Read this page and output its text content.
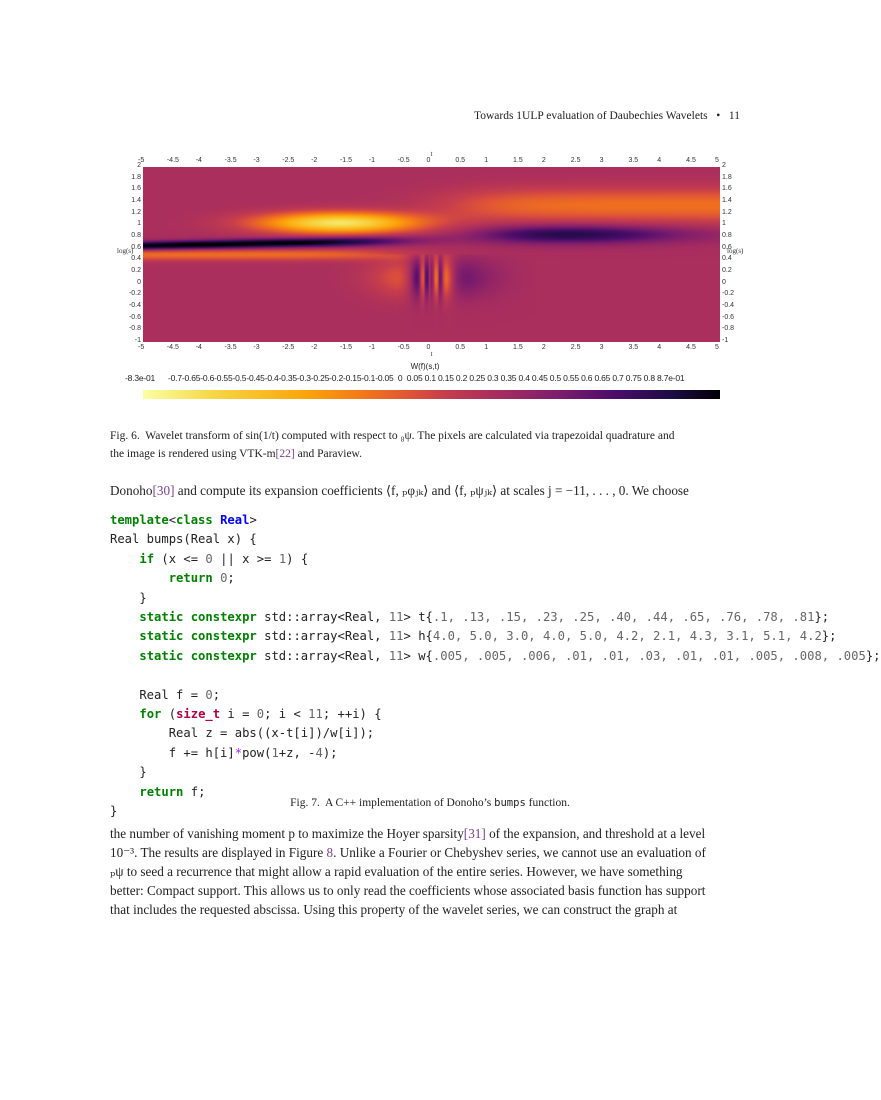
Towards 1ULP evaluation of Daubechies Wavelets • 11
-5
-5
-4.5
-4.5
-4
-4
-3.5
-3.5
-3
-3
-2.5
-2.5
-2
-2
-1.5
-1.5
-1
-1
-0.5
-0.5
0
0
0.5
0.5
1
1
1.5
1.5
2
2
2.5
2.5
3
3
3.5
3.5
4
4
4.5
4.5
5
5
2	2
1.8	1.8
1.6	1.6
1.4	1.4
1.2	1.2
1	1
0.8	0.8
0.6	0.6
0.4	0.4
0.2	0.2
0	0
-0.2	-0.2
-0.4	-0.4
-0.6	-0.6
-0.8	-0.8
-1	-1
t
t
log(s)	log(s)
W(f)(s,t)
-8.3e-01      -0.7-0.65-0.6-0.55-0.5-0.45-0.4-0.35-0.3-0.25-0.2-0.15-0.1-0.05  0  0.05 0.1 0.15 0.2 0.25 0.3 0.35 0.4 0.45 0.5 0.55 0.6 0.65 0.7 0.75 0.8 8.7e-01
Fig. 6. Wavelet transform of sin(1/t) computed with respect to ₈ψ. The pixels are calculated via trapezoidal quadrature and
the image is rendered using VTK-m[22] and Paraview.
Donoho[30] and compute its expansion coefficients ⟨f, ₚφⱼₖ⟩ and ⟨f, ₚψⱼₖ⟩ at scales j = −11, . . . , 0. We choose
template<class Real>
Real bumps(Real x) {
if (x <= 0 || x >= 1) {
return 0;
}
static constexpr std::array<Real, 11> t{.1, .13, .15, .23, .25, .40, .44, .65, .76, .78, .81};
static constexpr std::array<Real, 11> h{4.0, 5.0, 3.0, 4.0, 5.0, 4.2, 2.1, 4.3, 3.1, 5.1, 4.2};
static constexpr std::array<Real, 11> w{.005, .005, .006, .01, .01, .03, .01, .01, .005, .008, .005};
Real f = 0;
for (size_t i = 0; i < 11; ++i) {
Real z = abs((x-t[i])/w[i]);
f += h[i]*pow(1+z, -4);
}
return f;
}
Fig. 7. A C++ implementation of Donoho’s bumps function.
the number of vanishing moment p to maximize the Hoyer sparsity[31] of the expansion, and threshold at a level
10⁻³. The results are displayed in Figure 8. Unlike a Fourier or Chebyshev series, we cannot use an evaluation of
ₚψ to seed a recurrence that might allow a rapid evaluation of the entire series. However, we have something
better: Compact support. This allows us to only read the coefficients whose associated basis function has support
that includes the requested abscissa. Using this property of the wavelet series, we can construct the graph at
